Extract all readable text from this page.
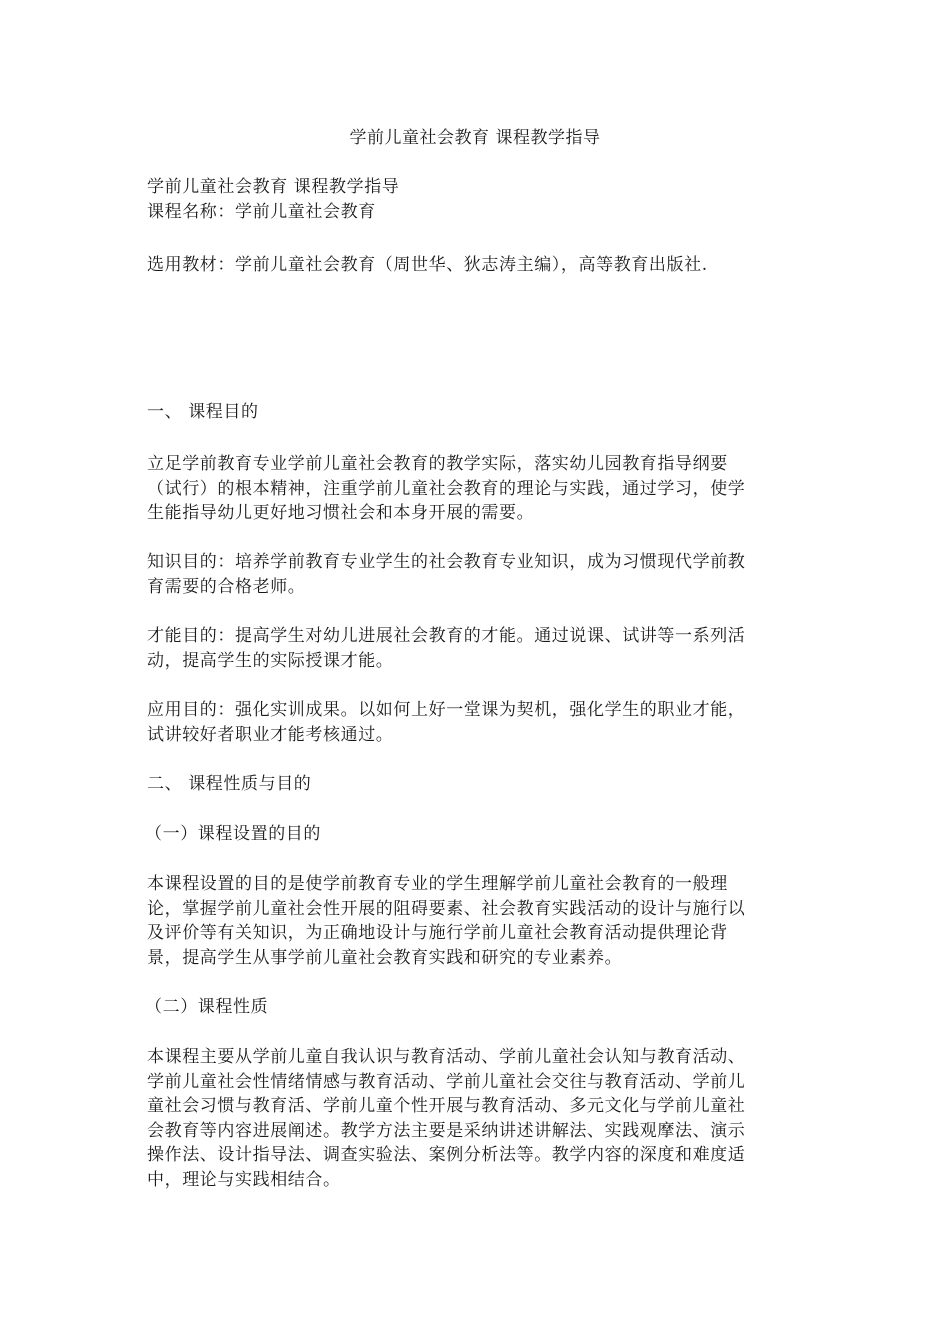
学前儿童社会教育 课程教学指导
学前儿童社会教育 课程教学指导
课程名称：学前儿童社会教育
选用教材：学前儿童社会教育（周世华、狄志涛主编），高等教育出版社.
一、 课程目的
立足学前教育专业学前儿童社会教育的教学实际，落实幼儿园教育指导纲要
（试行）的根本精神，注重学前儿童社会教育的理论与实践，通过学习，使学
生能指导幼儿更好地习惯社会和本身开展的需要。
知识目的：培养学前教育专业学生的社会教育专业知识，成为习惯现代学前教
育需要的合格老师。
才能目的：提高学生对幼儿进展社会教育的才能。通过说课、试讲等一系列活
动，提高学生的实际授课才能。
应用目的：强化实训成果。以如何上好一堂课为契机，强化学生的职业才能，
试讲较好者职业才能考核通过。
二、 课程性质与目的
（一）课程设置的目的
本课程设置的目的是使学前教育专业的学生理解学前儿童社会教育的一般理
论，掌握学前儿童社会性开展的阻碍要素、社会教育实践活动的设计与施行以
及评价等有关知识，为正确地设计与施行学前儿童社会教育活动提供理论背
景，提高学生从事学前儿童社会教育实践和研究的专业素养。
（二）课程性质
本课程主要从学前儿童自我认识与教育活动、学前儿童社会认知与教育活动、
学前儿童社会性情绪情感与教育活动、学前儿童社会交往与教育活动、学前儿
童社会习惯与教育活、学前儿童个性开展与教育活动、多元文化与学前儿童社
会教育等内容进展阐述。教学方法主要是采纳讲述讲解法、实践观摩法、演示
操作法、设计指导法、调查实验法、案例分析法等。教学内容的深度和难度适
中，理论与实践相结合。
